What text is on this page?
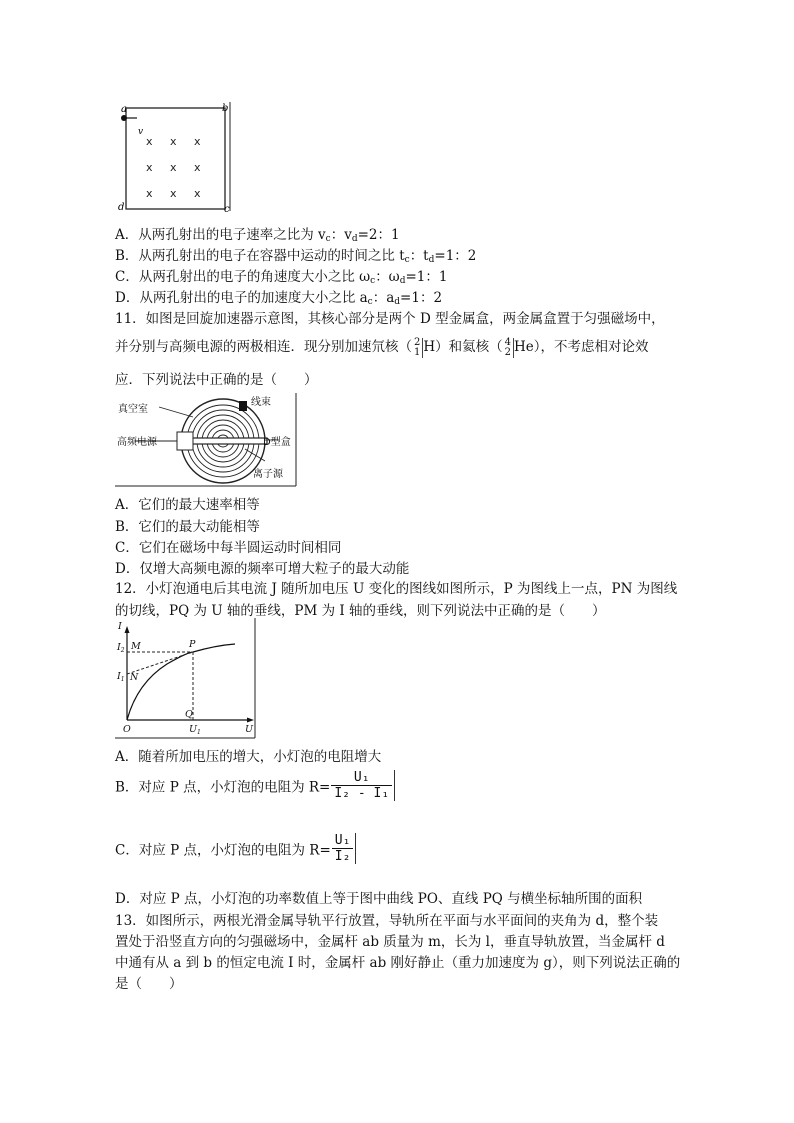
a	b
d	c
v
x x x
x x x
x x x
A．从两孔射出的电子速率之比为 $v_c$：$v_d=2$：1
B．从两孔射出的电子在容器中运动的时间之比 $t_c$：$t_d=1$：2
C．从两孔射出的电子的角速度大小之比 $\omega_c$：$\omega_d=1$：1
D．从两孔射出的电子的加速度大小之比 $a_c$：$a_d=1$：2
11．如图是回旋加速器示意图，其核心部分是两个 D 型金属盒，两金属盒置于匀强磁场中，
并分别与高频电源的两极相连．现分别加速氘核（ 2
1 H）和氦核（ 4
2 He），不考虑相对论效
应．下列说法中正确的是（　　）
真空室
线束
高频电源	D型盒
离子源
A．它们的最大速率相等
B．它们的最大动能相等
C．它们在磁场中每半圆运动时间相同
D．仅增大高频电源的频率可增大粒子的最大动能
12．小灯泡通电后其电流 J 随所加电压 U 变化的图线如图所示，P 为图线上一点，PN 为图线
的切线，PQ 为 U 轴的垂线，PM 为 I 轴的垂线，则下列说法中正确的是（　　）
I
$I_2$
$I_1$
M	P
N
Q
O	$U_1$	U
A．随着所加电压的增大，小灯泡的电阻增大
B．对应 P 点，小灯泡的电阻为 $R= \frac{\text{U₁}}{\text{I₂ - I₁}}$
C．对应 P 点，小灯泡的电阻为 $R= \frac{\text{U₁}}{\text{I₂}}$
D．对应 P 点，小灯泡的功率数值上等于图中曲线 PO、直线 PQ 与横坐标轴所围的面积
13．如图所示，两根光滑金属导轨平行放置，导轨所在平面与水平面间的夹角为 d，整个装
置处于沿竖直方向的匀强磁场中，金属杆 ab 质量为 m，长为 l，垂直导轨放置，当金属杆 d
中通有从 a 到 b 的恒定电流 I 时，金属杆 ab 刚好静止（重力加速度为 g），则下列说法正确的
是（　　）
